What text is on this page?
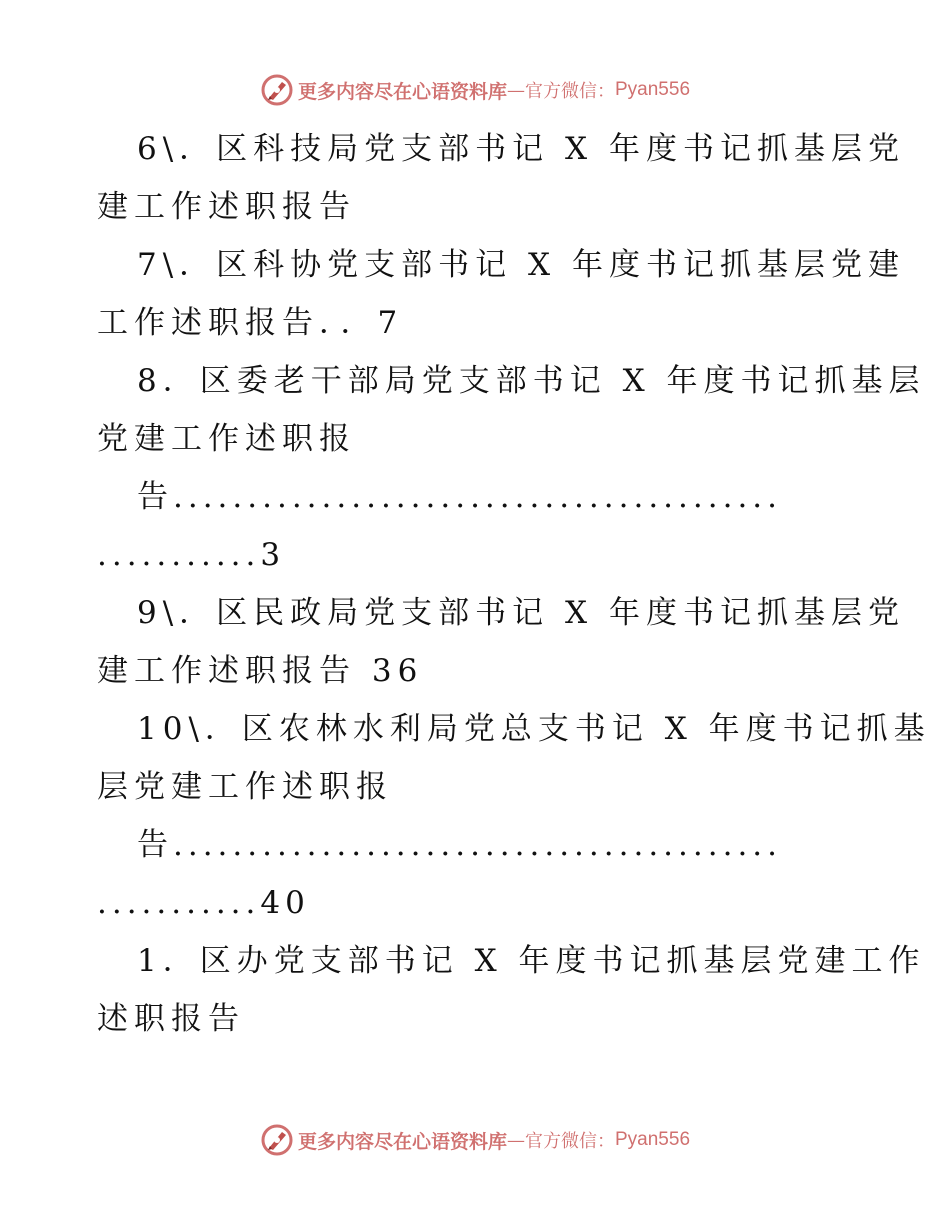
更多内容尽在心语资料库 — 官方微信： Pyan556
6\．区科技局党支部书记 X 年度书记抓基层党
建工作述职报告
7\．区科协党支部书记 X 年度书记抓基层党建
工作述职报告．．7
8．区委老干部局党支部书记 X 年度书记抓基层
党建工作述职报
告.........................................
...........3
9\．区民政局党支部书记 X 年度书记抓基层党
建工作述职报告 36
10\．区农林水利局党总支书记 X 年度书记抓基
层党建工作述职报
告.........................................
...........40
1．区办党支部书记 X 年度书记抓基层党建工作
述职报告
更多内容尽在心语资料库 — 官方微信： Pyan556
